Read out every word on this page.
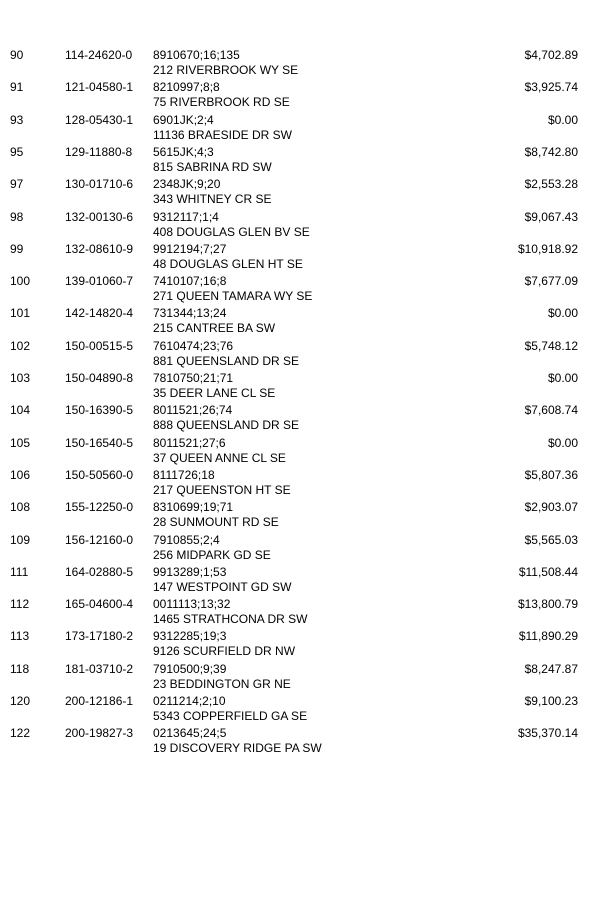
90	114-24620-0 8910670;16;135	$4,702.89
212 RIVERBROOK WY SE
91	121-04580-1 8210997;8;8	$3,925.74
75 RIVERBROOK RD SE
93	128-05430-1 6901JK;2;4	$0.00
11136 BRAESIDE DR SW
95	129-11880-8 5615JK;4;3	$8,742.80
815 SABRINA RD SW
97	130-01710-6 2348JK;9;20	$2,553.28
343 WHITNEY CR SE
98	132-00130-6 9312117;1;4	$9,067.43
408 DOUGLAS GLEN BV SE
99	132-08610-9 9912194;7;27	$10,918.92
48 DOUGLAS GLEN HT SE
100	139-01060-7 7410107;16;8	$7,677.09
271 QUEEN TAMARA WY SE
101	142-14820-4 731344;13;24	$0.00
215 CANTREE BA SW
102	150-00515-5 7610474;23;76	$5,748.12
881 QUEENSLAND DR SE
103	150-04890-8 7810750;21;71	$0.00
35 DEER LANE CL SE
104	150-16390-5 8011521;26;74	$7,608.74
888 QUEENSLAND DR SE
105	150-16540-5 8011521;27;6	$0.00
37 QUEEN ANNE CL SE
106	150-50560-0 8111726;18	$5,807.36
217 QUEENSTON HT SE
108	155-12250-0 8310699;19;71	$2,903.07
28 SUNMOUNT RD SE
109	156-12160-0 7910855;2;4	$5,565.03
256 MIDPARK GD SE
111	164-02880-5 9913289;1;53	$11,508.44
147 WESTPOINT GD SW
112	165-04600-4 0011113;13;32	$13,800.79
1465 STRATHCONA DR SW
113	173-17180-2 9312285;19;3	$11,890.29
9126 SCURFIELD DR NW
118	181-03710-2 7910500;9;39	$8,247.87
23 BEDDINGTON GR NE
120	200-12186-1 0211214;2;10	$9,100.23
5343 COPPERFIELD GA SE
122	200-19827-3 0213645;24;5	$35,370.14
19 DISCOVERY RIDGE PA SW
